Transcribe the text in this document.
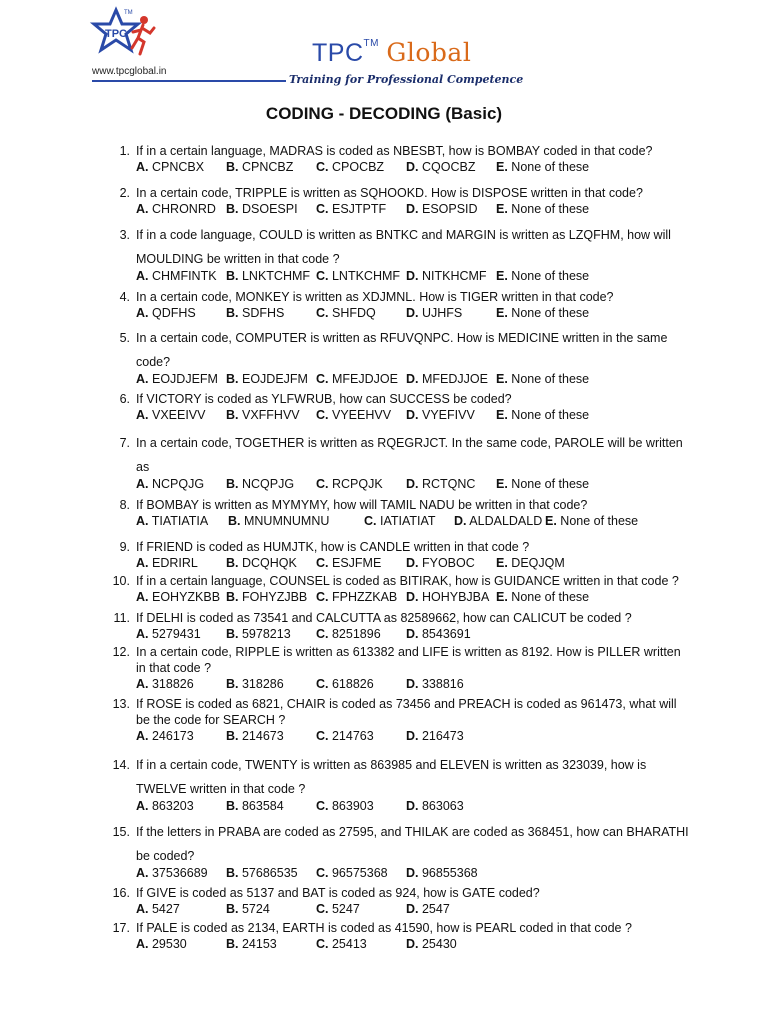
TPC
TM
www.tpcglobal.in
TPC™ Global
Training for Professional Competence
CODING - DECODING (Basic)
1. If in a certain language, MADRAS is coded as NBESBT, how is BOMBAY coded in that code?
A. CPNCBX	B. CPNCBZ	C. CPOCBZ	D. CQOCBZ	E. None of these
2. In a certain code, TRIPPLE is written as SQHOOKD. How is DISPOSE written in that code?
A. CHRONRD B. DSOESPI	C. ESJTPTF	D. ESOPSID	E. None of these
3. If in a code language, COULD is written as BNTKC and MARGIN is written as LZQFHM, how will MOULDING be written in that code ?
A. CHMFINTK B. LNKTCHMF C. LNTKCHMF D. NITKHCMF E. None of these
4. In a certain code, MONKEY is written as XDJMNL. How is TIGER written in that code?
A. QDFHS	B. SDFHS	C. SHFDQ	D. UJHFS	E. None of these
5. In a certain code, COMPUTER is written as RFUVQNPC. How is MEDICINE written in the same code?
A. EOJDJEFM B. EOJDEJFM C. MFEJDJOE D. MFEDJJOE E. None of these
6. If VICTORY is coded as YLFWRUB, how can SUCCESS be coded?
A. VXEEIVV	B. VXFFHVV	C. VYEEHVV	D. VYEFIVV	E. None of these
7. In a certain code, TOGETHER is written as RQEGRJCT. In the same code, PAROLE will be written as
A. NCPQJG	B. NCQPJG	C. RCPQJK	D. RCTQNC	E. None of these
8. If BOMBAY is written as MYMYMY, how will TAMIL NADU be written in that code?
A. TIATIATIA	B. MNUMNUMNU	C. IATIATIAT	D. ALDALDALD E. None of these
9. If FRIEND is coded as HUMJTK, how is CANDLE written in that code ?
A. EDRIRL	B. DCQHQK	C. ESJFME	D. FYOBOC	E. DEQJQM
10. If in a certain language, COUNSEL is coded as BITIRAK, how is GUIDANCE written in that code ?
A. EOHYZKBB B. FOHYZJBB C. FPHZZKAB D. HOHYBJBA E. None of these
11. If DELHI is coded as 73541 and CALCUTTA as 82589662, how can CALICUT be coded ?
A. 5279431	B. 5978213	C. 8251896	D. 8543691
12. In a certain code, RIPPLE is written as 613382 and LIFE is written as 8192. How is PILLER written in that code ?
A. 318826	B. 318286	C. 618826	D. 338816
13. If ROSE is coded as 6821, CHAIR is coded as 73456 and PREACH is coded as 961473, what will be the code for SEARCH ?
A. 246173	B. 214673	C. 214763	D. 216473
14. If in a certain code, TWENTY is written as 863985 and ELEVEN is written as 323039, how is TWELVE written in that code ?
A. 863203	B. 863584	C. 863903	D. 863063
15. If the letters in PRABA are coded as 27595, and THILAK are coded as 368451, how can BHARATHI be coded?
A. 37536689	B. 57686535	C. 96575368	D. 96855368
16. If GIVE is coded as 5137 and BAT is coded as 924, how is GATE coded?
A. 5427	B. 5724	C. 5247	D. 2547
17. If PALE is coded as 2134, EARTH is coded as 41590, how is PEARL coded in that code ?
A. 29530	B. 24153	C. 25413	D. 25430
